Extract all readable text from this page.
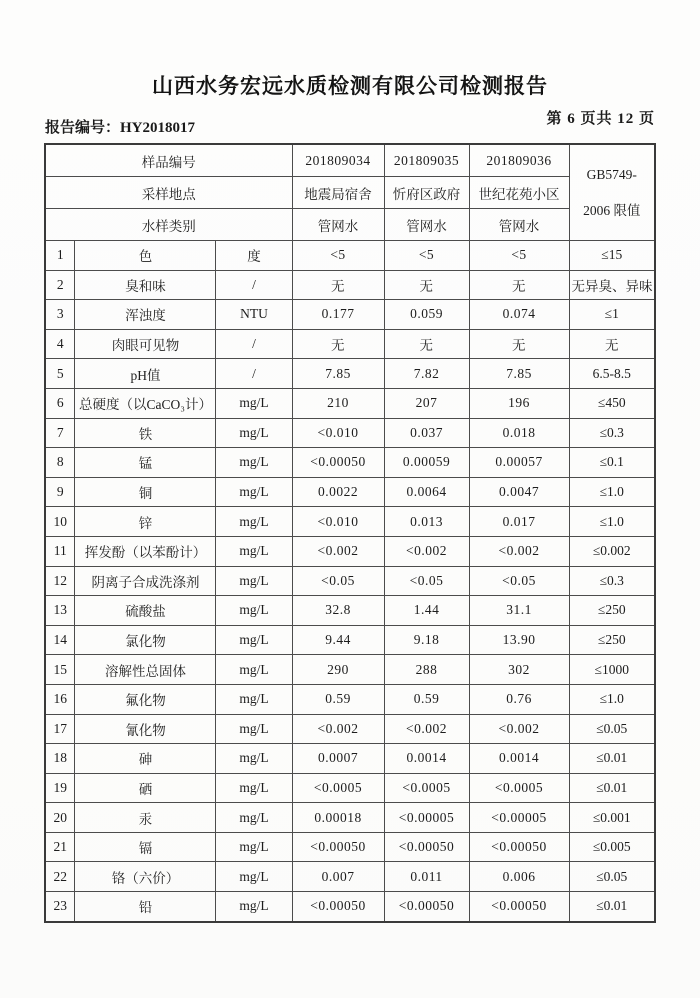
山西水务宏远水质检测有限公司检测报告
报告编号：HY2018017
第 6 页共 12 页
样品编号			201809034	201809035	201809036	GB5749-
2006 限值

采样地点			地震局宿舍	忻府区政府	世纪花苑小区	
水样类别			管网水	管网水	管网水	
1	色	度	<5	<5	<5	≤15
2	臭和味	/	无	无	无	无异臭、异味
3	浑浊度	NTU	0.177	0.059	0.074	≤1
4	肉眼可见物	/	无	无	无	无
5	pH值	/	7.85	7.82	7.85	6.5-8.5
6	总硬度（以CaCO₃计）	mg/L	210	207	196	≤450
7	铁	mg/L	<0.010	0.037	0.018	≤0.3
8	锰	mg/L	<0.00050	0.00059	0.00057	≤0.1
9	铜	mg/L	0.0022	0.0064	0.0047	≤1.0
10	锌	mg/L	<0.010	0.013	0.017	≤1.0
11	挥发酚（以苯酚计）	mg/L	<0.002	<0.002	<0.002	≤0.002
12	阴离子合成洗涤剂	mg/L	<0.05	<0.05	<0.05	≤0.3
13	硫酸盐	mg/L	32.8	1.44	31.1	≤250
14	氯化物	mg/L	9.44	9.18	13.90	≤250
15	溶解性总固体	mg/L	290	288	302	≤1000
16	氟化物	mg/L	0.59	0.59	0.76	≤1.0
17	氰化物	mg/L	<0.002	<0.002	<0.002	≤0.05
18	砷	mg/L	0.0007	0.0014	0.0014	≤0.01
19	硒	mg/L	<0.0005	<0.0005	<0.0005	≤0.01
20	汞	mg/L	0.00018	<0.00005	<0.00005	≤0.001
21	镉	mg/L	<0.00050	<0.00050	<0.00050	≤0.005
22	铬（六价）	mg/L	0.007	0.011	0.006	≤0.05
23	铅	mg/L	<0.00050	<0.00050	<0.00050	≤0.01
